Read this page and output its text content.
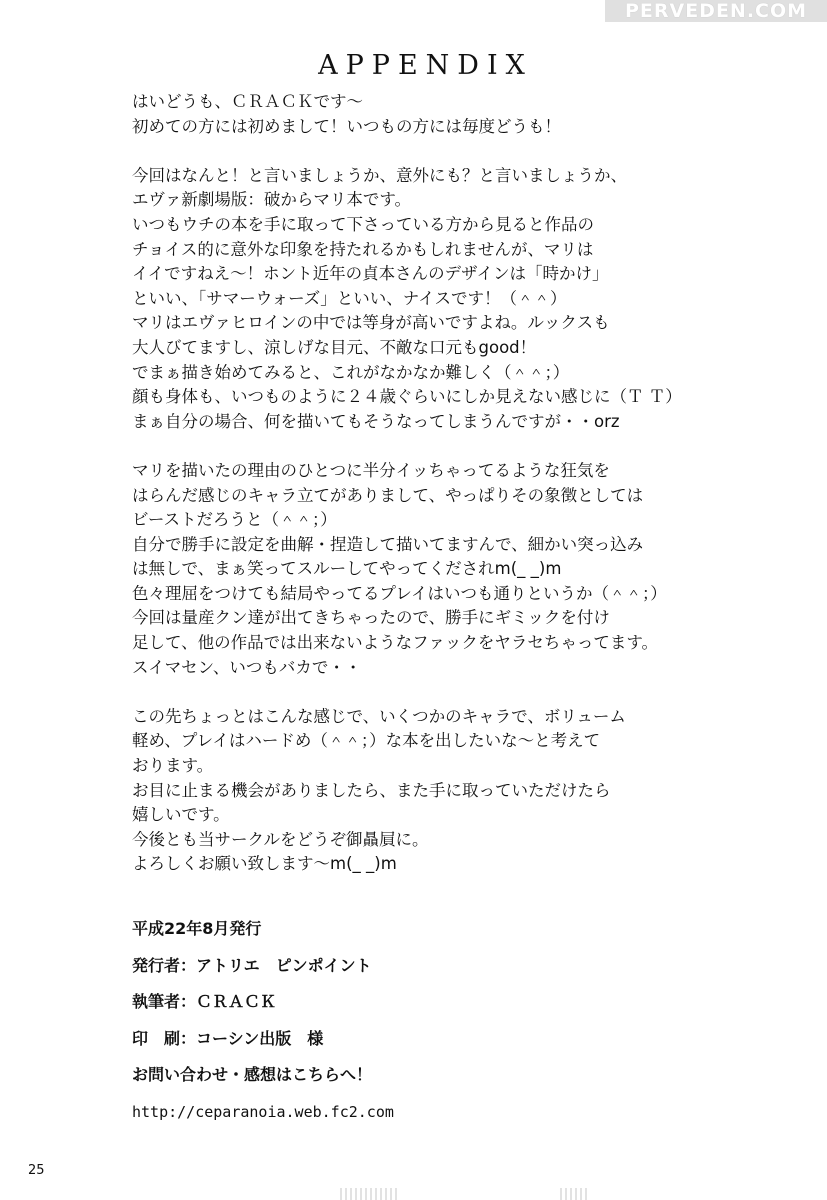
PERVEDEN.COM
APPENDIX
はいどうも、ＣＲＡＣＫです～
初めての方には初めまして！いつもの方には毎度どうも！
今回はなんと！と言いましょうか、意外にも？と言いましょうか、
エヴァ新劇場版：破からマリ本です。
いつもウチの本を手に取って下さっている方から見ると作品の
チョイス的に意外な印象を持たれるかもしれませんが、マリは
イイですねえ～！ホント近年の貞本さんのデザインは「時かけ」
といい、「サマーウォーズ」といい、ナイスです！（＾＾）
マリはエヴァヒロインの中では等身が高いですよね。ルックスも
大人びてますし、涼しげな目元、不敵な口元もgood！
でまぁ描き始めてみると、これがなかなか難しく（＾＾；）
顔も身体も、いつものように２４歳ぐらいにしか見えない感じに（Ｔ Ｔ）
まぁ自分の場合、何を描いてもそうなってしまうんですが・・orz
マリを描いたの理由のひとつに半分イッちゃってるような狂気を
はらんだ感じのキャラ立てがありまして、やっぱりその象徴としては
ビーストだろうと（＾＾；）
自分で勝手に設定を曲解・捏造して描いてますんで、細かい突っ込み
は無しで、まぁ笑ってスルーしてやってくだされm(_ _)m
色々理屈をつけても結局やってるプレイはいつも通りというか（＾＾；）
今回は量産クン達が出てきちゃったので、勝手にギミックを付け
足して、他の作品では出来ないようなファックをヤラセちゃってます。
スイマセン、いつもバカで・・
この先ちょっとはこんな感じで、いくつかのキャラで、ボリューム
軽め、プレイはハードめ（＾＾；）な本を出したいな～と考えて
おります。
お目に止まる機会がありましたら、また手に取っていただけたら
嬉しいです。
今後とも当サークルをどうぞ御贔屓に。
よろしくお願い致します～m(_ _)m
平成22年8月発行
発行者：アトリエ　ピンポイント
執筆者：ＣＲＡＣＫ
印　刷：コーシン出版　様
お問い合わせ・感想はこちらへ！
http://ceparanoia.web.fc2.com
25
